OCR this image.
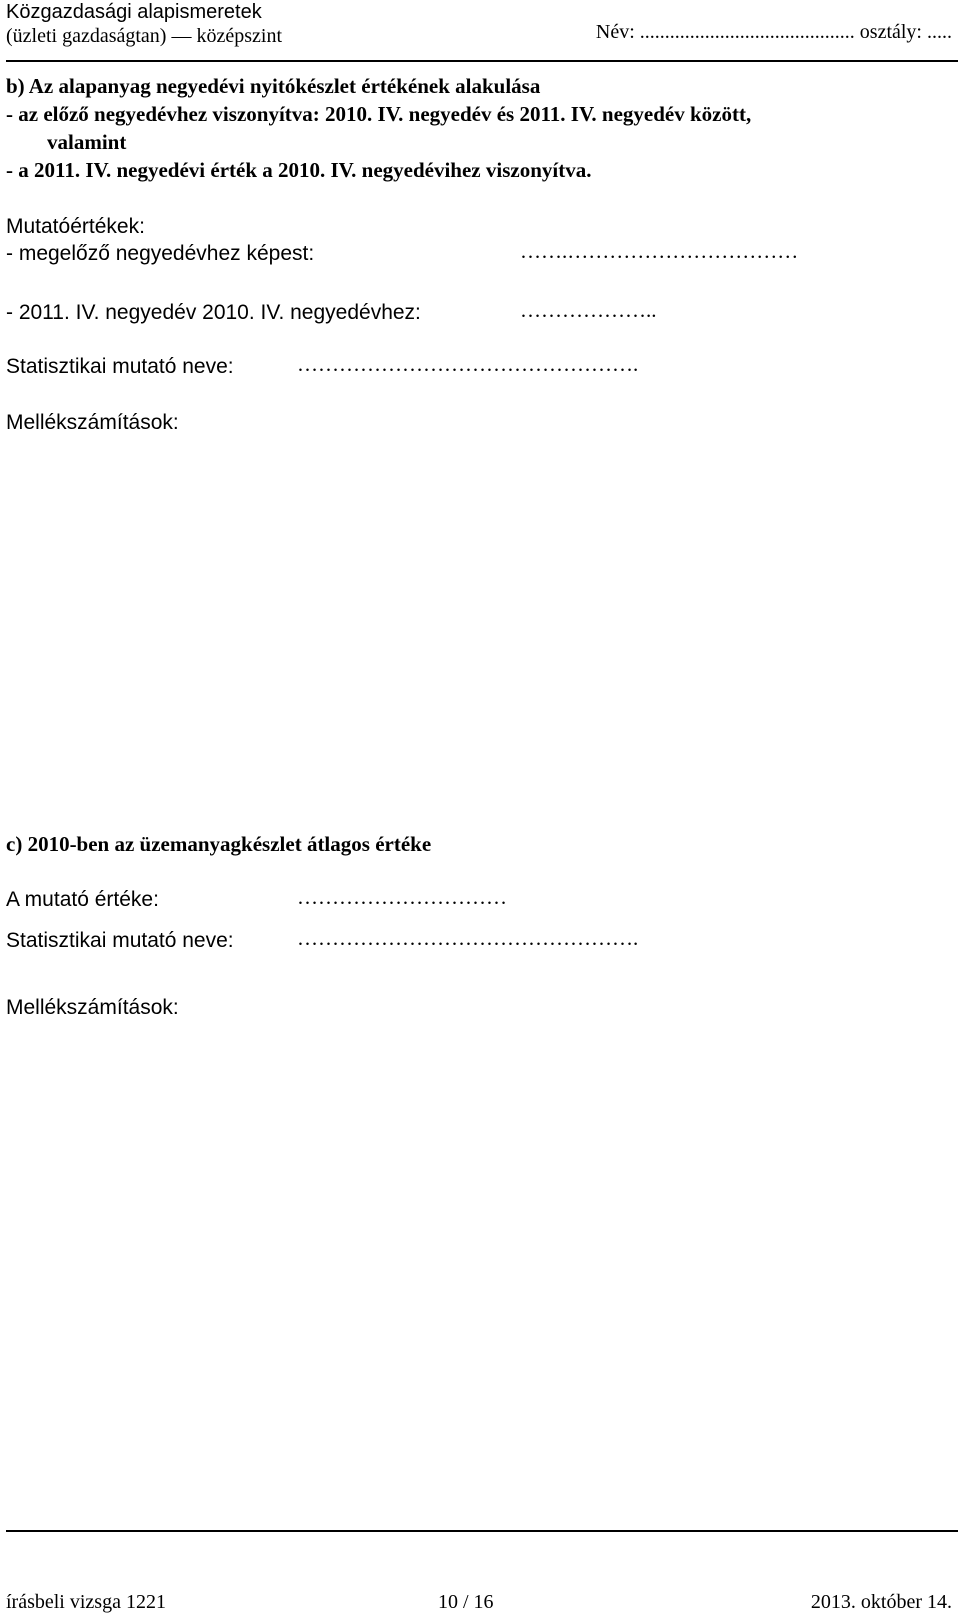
Közgazdasági alapismeretek
(üzleti gazdaságtan) — középszint	Név: ........................................... osztály: .....
b) Az alapanyag negyedévi nyitókészlet értékének alakulása
- az előző negyedévhez viszonyítva: 2010. IV. negyedév és 2011. IV. negyedév között,
valamint
- a 2011. IV. negyedévi érték a 2010. IV. negyedévihez viszonyítva.
Mutatóértékek:
- megelőző negyedévhez képest:	…….……………………………
- 2011. IV. negyedév 2010. IV. negyedévhez:	………………..
Statisztikai mutató neve:	………………………………………….
Mellékszámítások:
c) 2010-ben az üzemanyagkészlet átlagos értéke
A mutató értéke:	…………………………
Statisztikai mutató neve:	………………………………………….
Mellékszámítások:
írásbeli vizsga 1221	10 / 16	2013. október 14.
